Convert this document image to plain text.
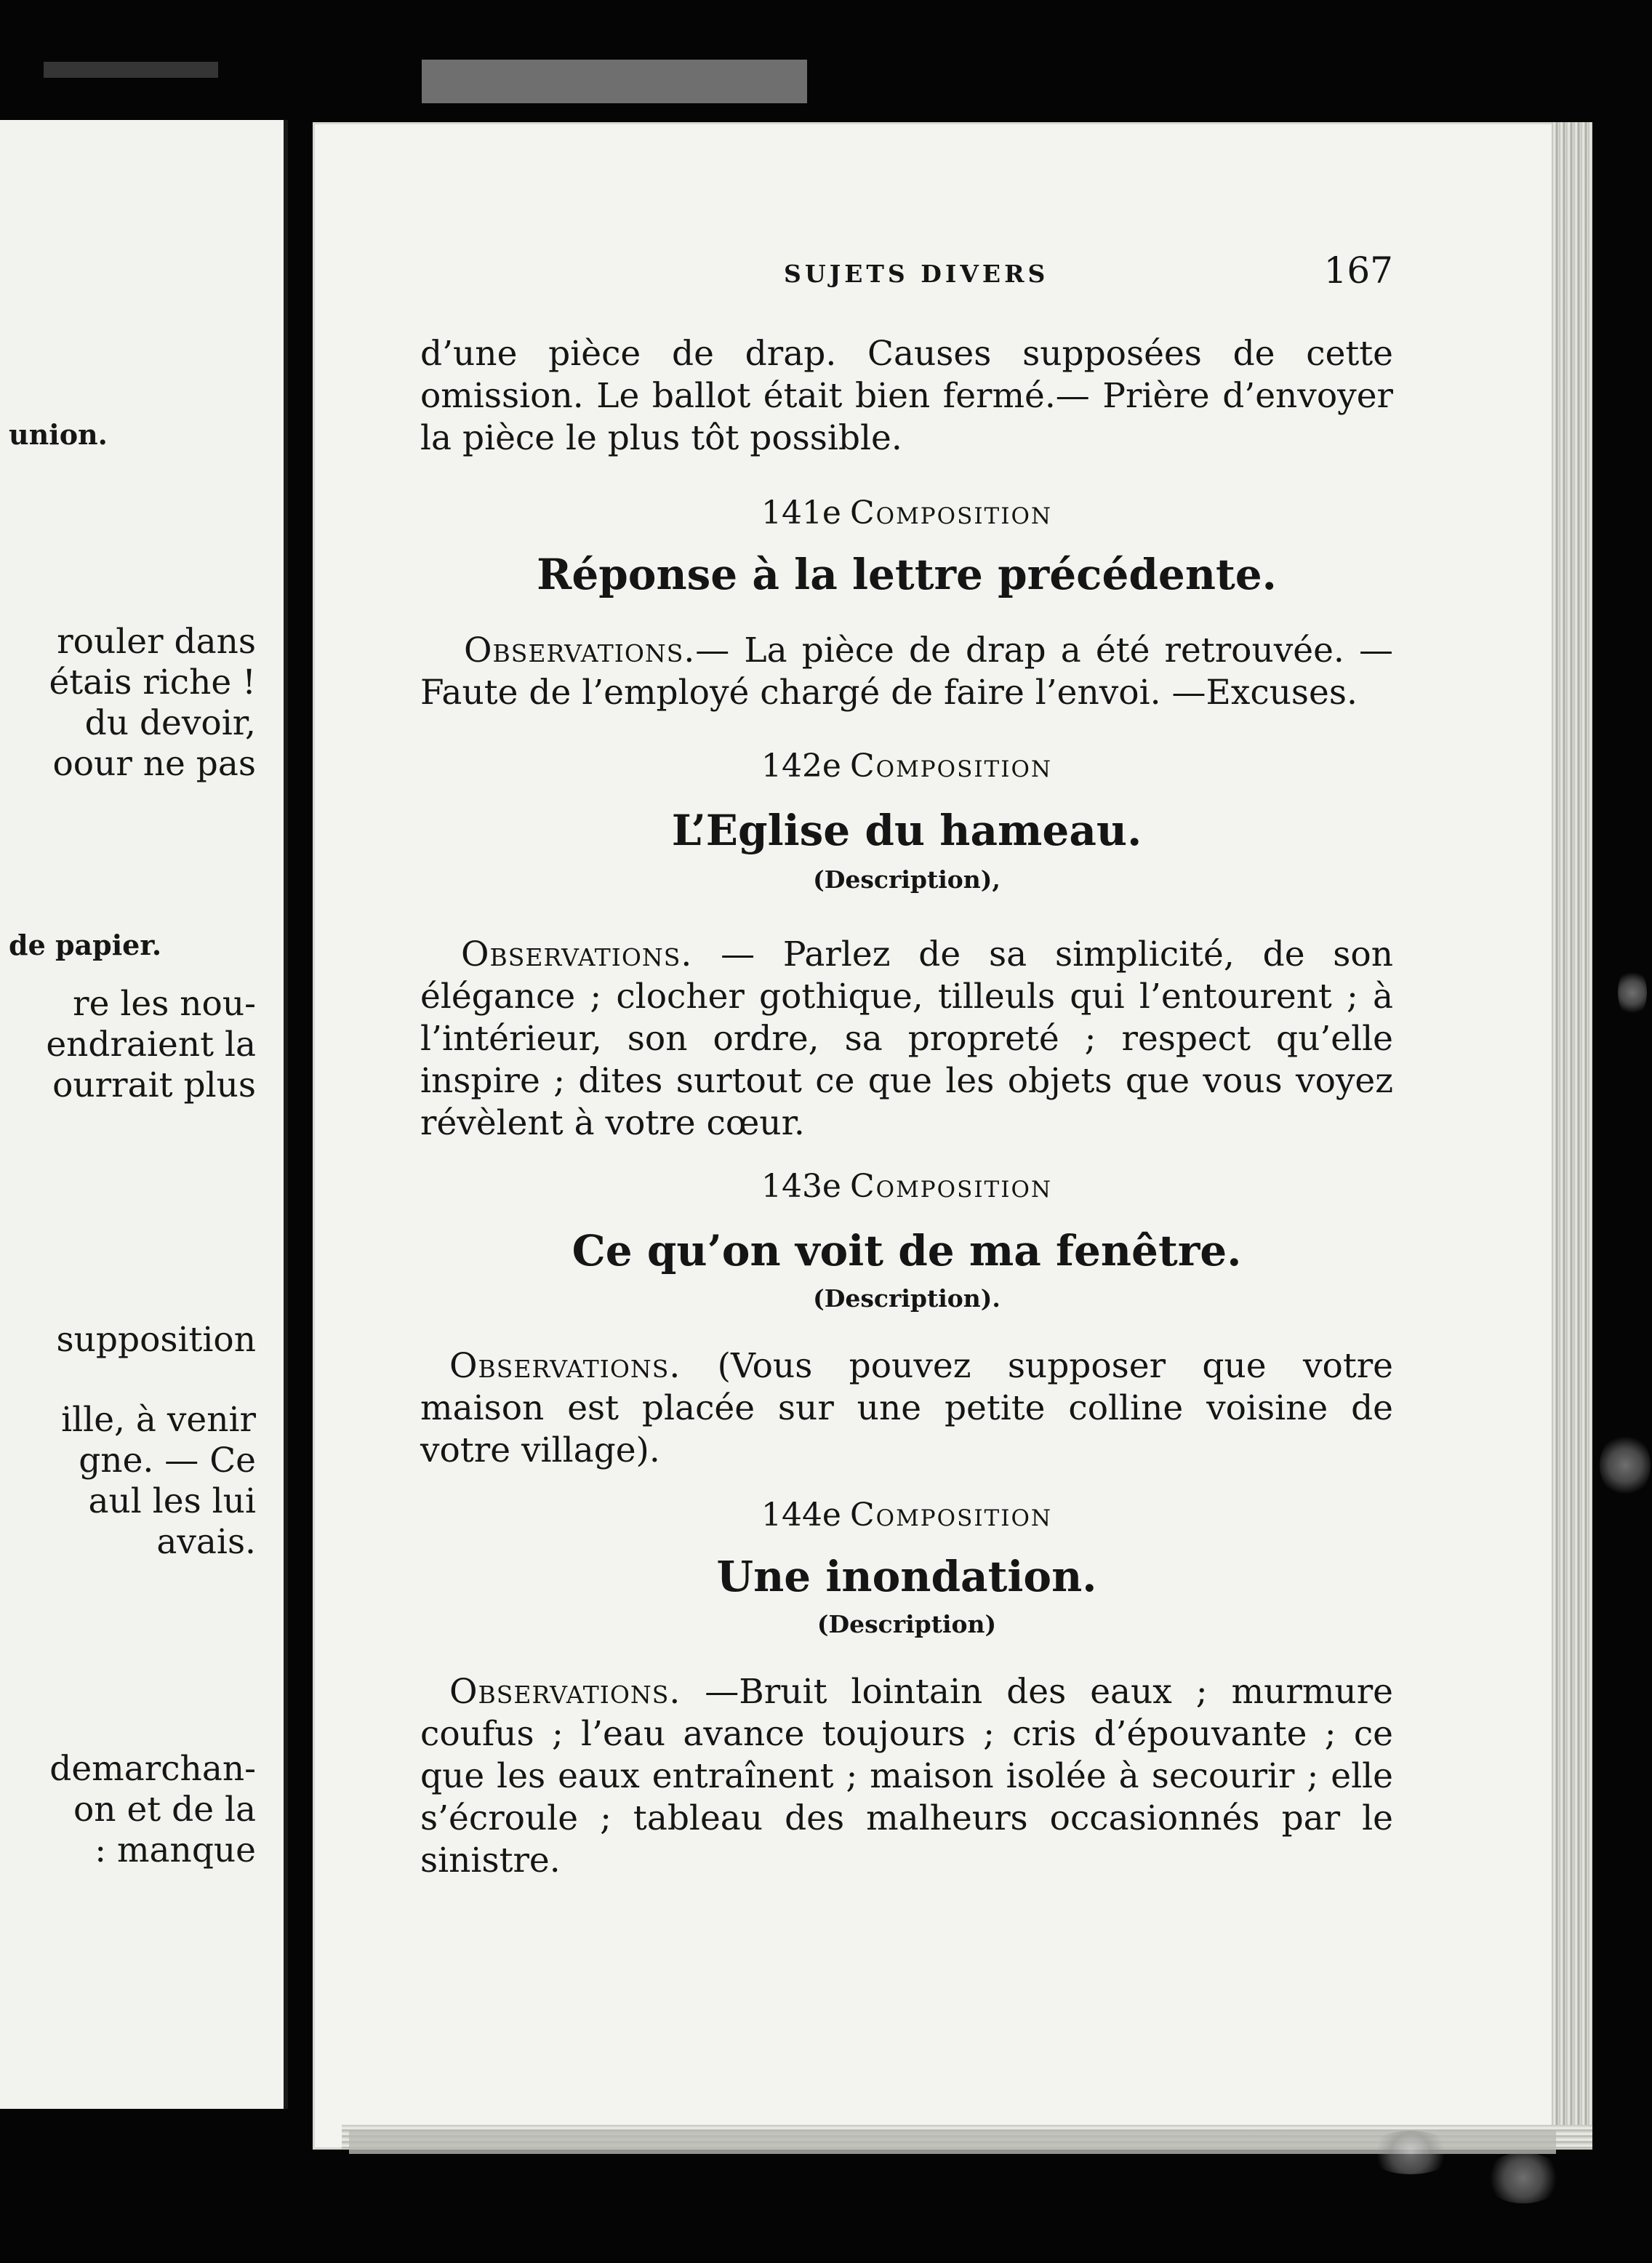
union.
rouler dans
étais riche !
du devoir,
oour ne pas
de papier.
re les nou-
endraient la
ourrait plus
supposition
ille, à venir
gne. — Ce
aul les lui
avais.
demarchan-
on et de la
: manque
SUJETS DIVERS	167

d’une pièce de drap. Causes supposées de cette omission. Le ballot était bien fermé.— Prière d’envoyer la pièce le plus tôt possible.

141e Composition
Réponse à la lettre précédente.

Observations.— La pièce de drap a été retrouvée. — Faute de l’employé chargé de faire l’envoi. —Excuses.

142e Composition
L’Eglise du hameau.
(Description),

Observations. — Parlez de sa simplicité, de son élégance ; clocher gothique, tilleuls qui l’entourent ; à l’intérieur, son ordre, sa propreté ; respect qu’elle inspire ; dites surtout ce que les objets que vous voyez révèlent à votre cœur.

143e Composition
Ce qu’on voit de ma fenêtre.
(Description).

Observations. (Vous pouvez supposer que votre maison est placée sur une petite colline voisine de votre village).

144e Composition
Une inondation.
(Description)

Observations. —Bruit lointain des eaux ; murmure coufus ; l’eau avance toujours ; cris d’épouvante ; ce que les eaux entraînent ; maison isolée à secourir ; elle s’écroule ; tableau des malheurs occasionnés par le sinistre.
